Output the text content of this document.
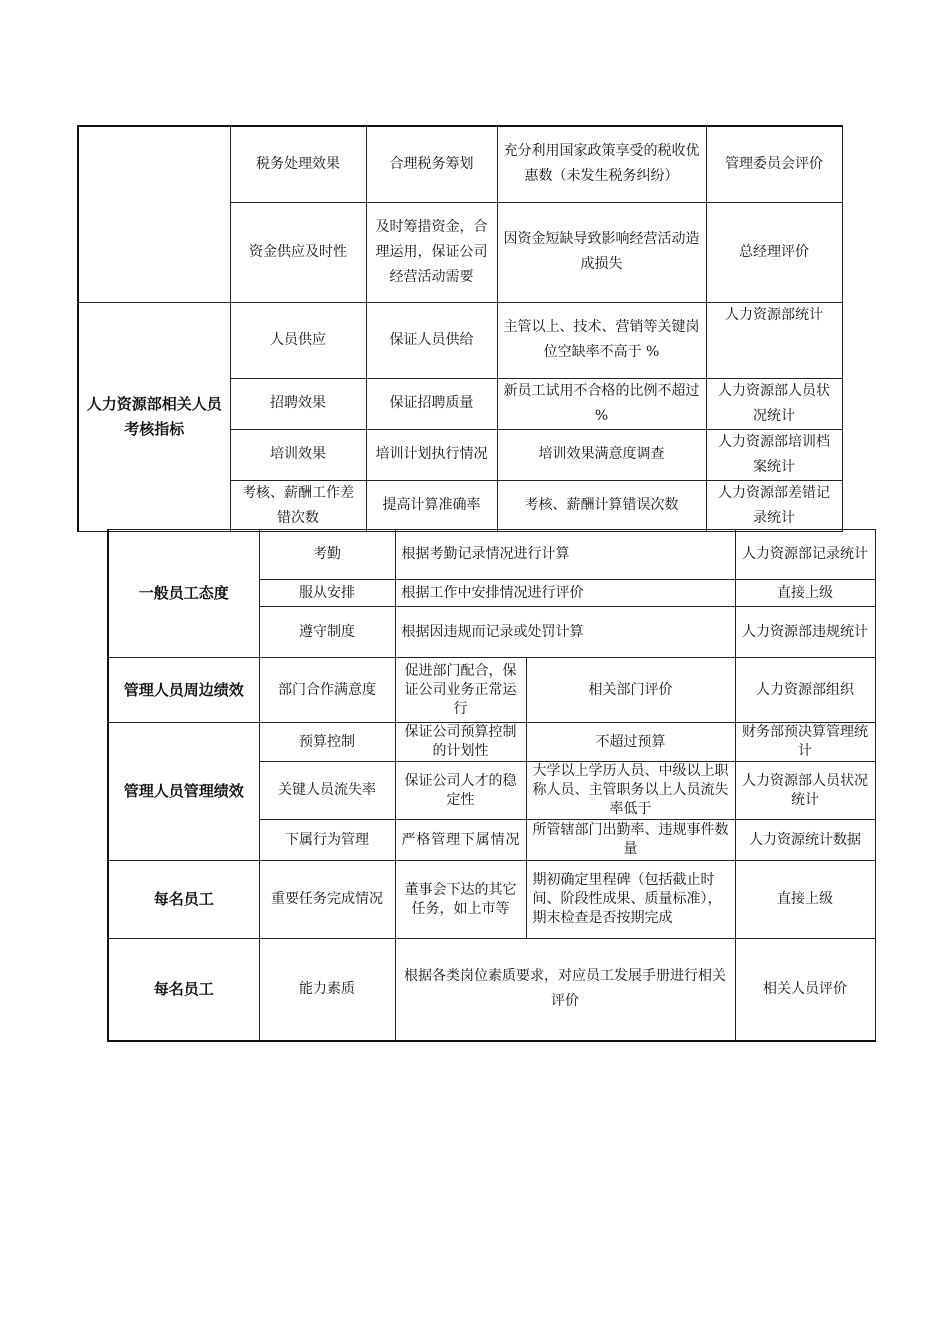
	税务处理效果	合理税务筹划	充分利用国家政策享受的税收优惠数（未发生税务纠纷）	管理委员会评价
	资金供应及时性	及时筹措资金，合理运用，保证公司经营活动需要	因资金短缺导致影响经营活动造成损失	总经理评价
人力资源部相关人员考核指标	人员供应	保证人员供给	主管以上、技术、营销等关键岗位空缺率不高于 %	人力资源部统计
	招聘效果	保证招聘质量	新员工试用不合格的比例不超过 %	人力资源部人员状况统计
	培训效果	培训计划执行情况	培训效果满意度调查	人力资源部培训档案统计
	考核、薪酬工作差错次数	提高计算准确率	考核、薪酬计算错误次数	人力资源部差错记录统计
一般员工态度	考勤	根据考勤记录情况进行计算		人力资源部记录统计
	服从安排	根据工作中安排情况进行评价		直接上级
	遵守制度	根据因违规而记录或处罚计算		人力资源部违规统计
管理人员周边绩效	部门合作满意度	促进部门配合，保证公司业务正常运行	相关部门评价	人力资源部组织
管理人员管理绩效	预算控制	保证公司预算控制的计划性	不超过预算	财务部预决算管理统计
	关键人员流失率	保证公司人才的稳定性	大学以上学历人员、中级以上职称人员、主管职务以上人员流失率低于	人力资源部人员状况统计
	下属行为管理	严格管理下属情况	所管辖部门出勤率、违规事件数量	人力资源统计数据
每名员工	重要任务完成情况	董事会下达的其它任务，如上市等	期初确定里程碑（包括截止时间、阶段性成果、质量标准），期末检查是否按期完成	直接上级
每名员工	能力素质	根据各类岗位素质要求，对应员工发展手册进行相关评价		相关人员评价
